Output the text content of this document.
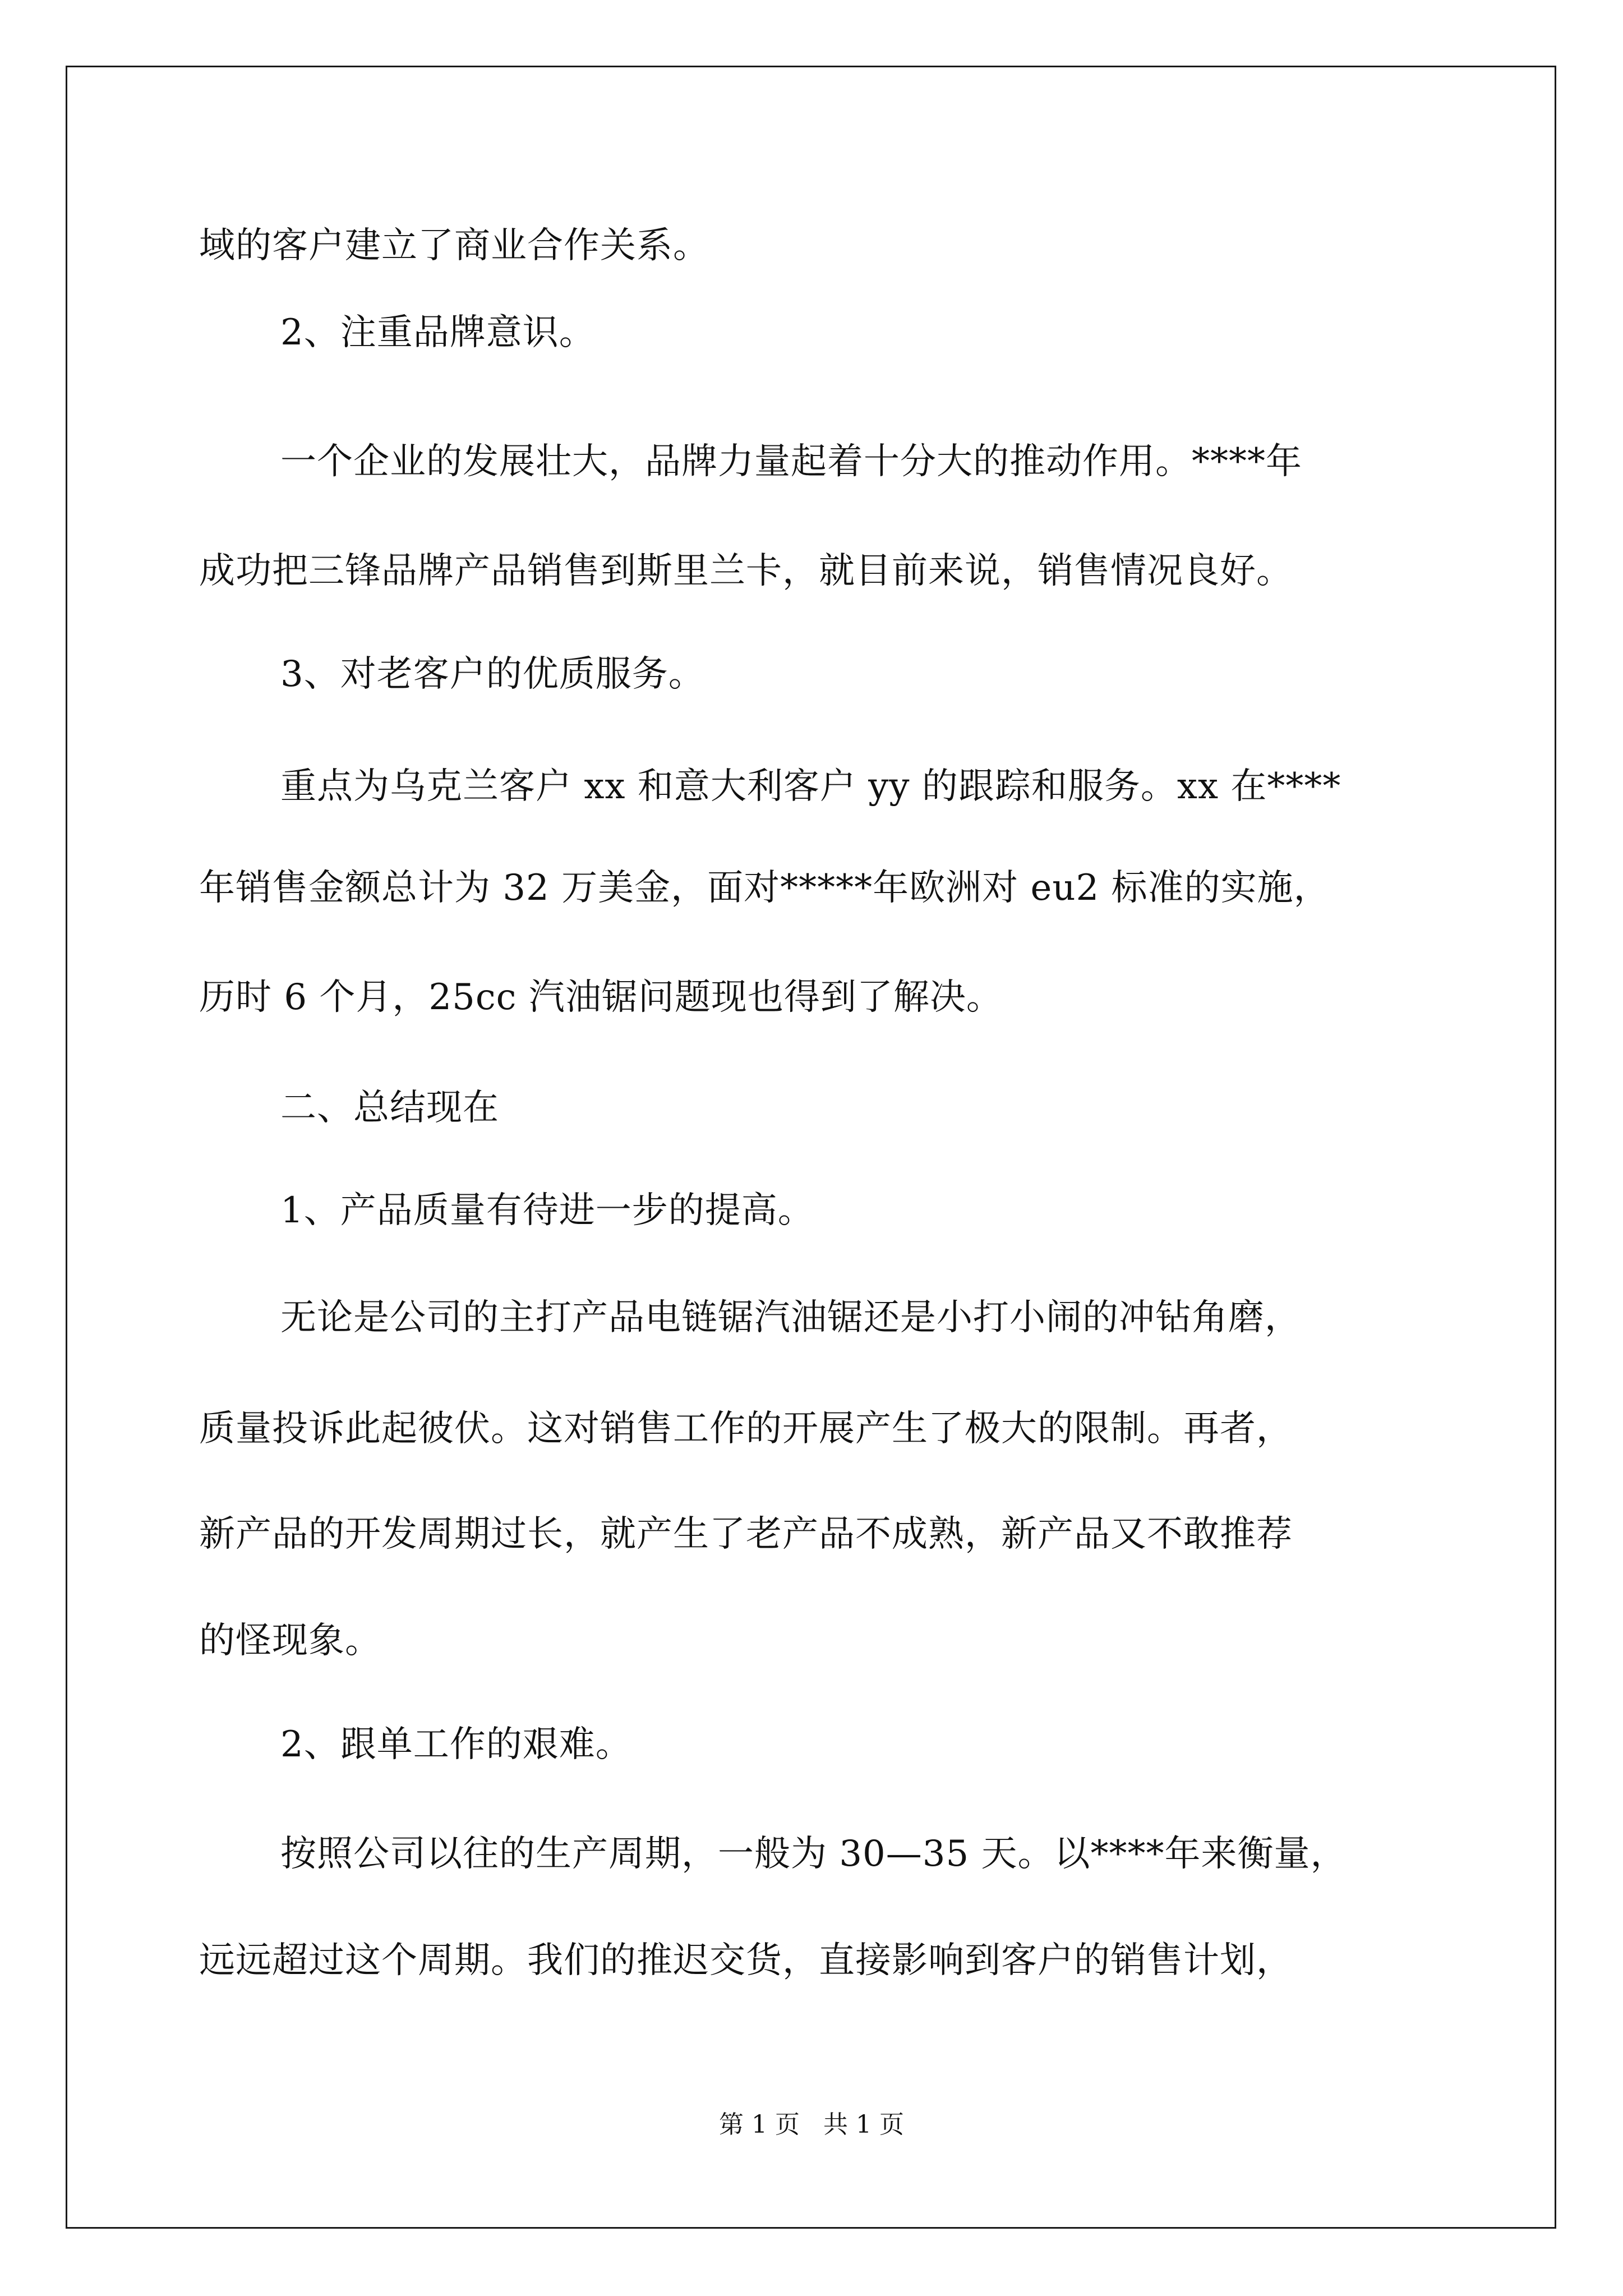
域的客户建立了商业合作关系。
2、注重品牌意识。
一个企业的发展壮大，品牌力量起着十分大的推动作用。****年
成功把三锋品牌产品销售到斯里兰卡，就目前来说，销售情况良好。
3、对老客户的优质服务。
重点为乌克兰客户 xx 和意大利客户 yy 的跟踪和服务。xx 在****
年销售金额总计为 32 万美金，面对*****年欧洲对 eu2 标准的实施，
历时 6 个月，25cc 汽油锯问题现也得到了解决。
二、总结现在
1、产品质量有待进一步的提高。
无论是公司的主打产品电链锯汽油锯还是小打小闹的冲钻角磨，
质量投诉此起彼伏。这对销售工作的开展产生了极大的限制。再者，
新产品的开发周期过长，就产生了老产品不成熟，新产品又不敢推荐
的怪现象。
2、跟单工作的艰难。
按照公司以往的生产周期，一般为 30—35 天。以****年来衡量，
远远超过这个周期。我们的推迟交货，直接影响到客户的销售计划，
第 1 页 共 1 页
